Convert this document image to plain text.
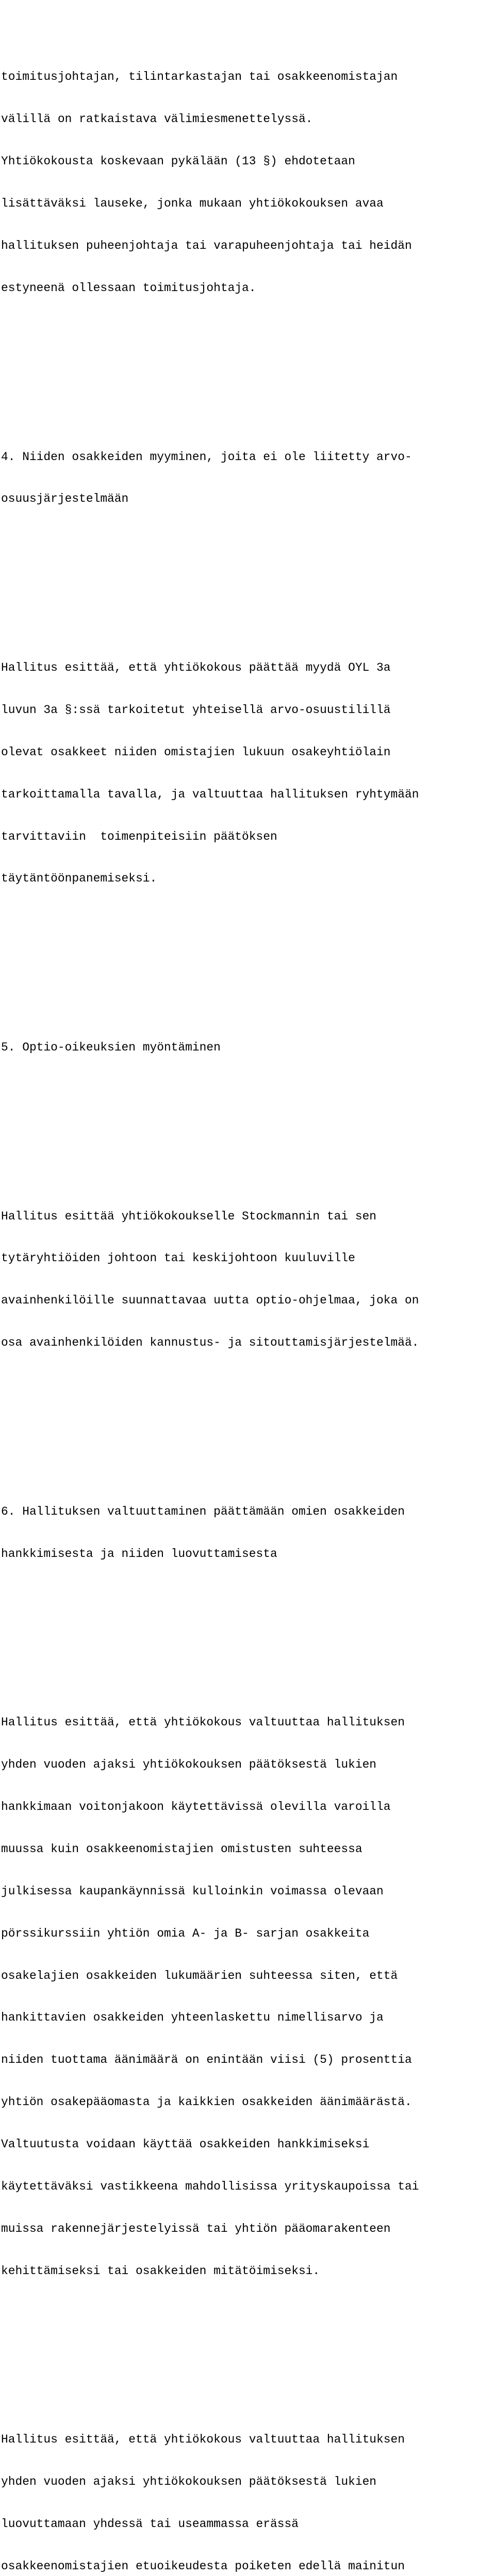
toimitusjohtajan, tilintarkastajan tai osakkeenomistajan

välillä on ratkaistava välimiesmenettelyssä.

Yhtiökokousta koskevaan pykälään (13 §) ehdotetaan

lisättäväksi lauseke, jonka mukaan yhtiökokouksen avaa

hallituksen puheenjohtaja tai varapuheenjohtaja tai heidän

estyneenä ollessaan toimitusjohtaja.

4. Niiden osakkeiden myyminen, joita ei ole liitetty arvo-

osuusjärjestelmään

Hallitus esittää, että yhtiökokous päättää myydä OYL 3a

luvun 3a §:ssä tarkoitetut yhteisellä arvo-osuustilillä

olevat osakkeet niiden omistajien lukuun osakeyhtiölain

tarkoittamalla tavalla, ja valtuuttaa hallituksen ryhtymään

tarvittaviin  toimenpiteisiin päätöksen

täytäntöönpanemiseksi.

5. Optio-oikeuksien myöntäminen

Hallitus esittää yhtiökokoukselle Stockmannin tai sen

tytäryhtiöiden johtoon tai keskijohtoon kuuluville

avainhenkilöille suunnattavaa uutta optio-ohjelmaa, joka on

osa avainhenkilöiden kannustus- ja sitouttamisjärjestelmää.

6. Hallituksen valtuuttaminen päättämään omien osakkeiden

hankkimisesta ja niiden luovuttamisesta

Hallitus esittää, että yhtiökokous valtuuttaa hallituksen

yhden vuoden ajaksi yhtiökokouksen päätöksestä lukien

hankkimaan voitonjakoon käytettävissä olevilla varoilla

muussa kuin osakkeenomistajien omistusten suhteessa

julkisessa kaupankäynnissä kulloinkin voimassa olevaan

pörssikurssiin yhtiön omia A- ja B- sarjan osakkeita

osakelajien osakkeiden lukumäärien suhteessa siten, että

hankittavien osakkeiden yhteenlaskettu nimellisarvo ja

niiden tuottama äänimäärä on enintään viisi (5) prosenttia

yhtiön osakepääomasta ja kaikkien osakkeiden äänimäärästä.

Valtuutusta voidaan käyttää osakkeiden hankkimiseksi

käytettäväksi vastikkeena mahdollisissa yrityskaupoissa tai

muissa rakennejärjestelyissä tai yhtiön pääomarakenteen

kehittämiseksi tai osakkeiden mitätöimiseksi.

Hallitus esittää, että yhtiökokous valtuuttaa hallituksen

yhden vuoden ajaksi yhtiökokouksen päätöksestä lukien

luovuttamaan yhdessä tai useammassa erässä

osakkeenomistajien etuoikeudesta poiketen edellä mainitun
